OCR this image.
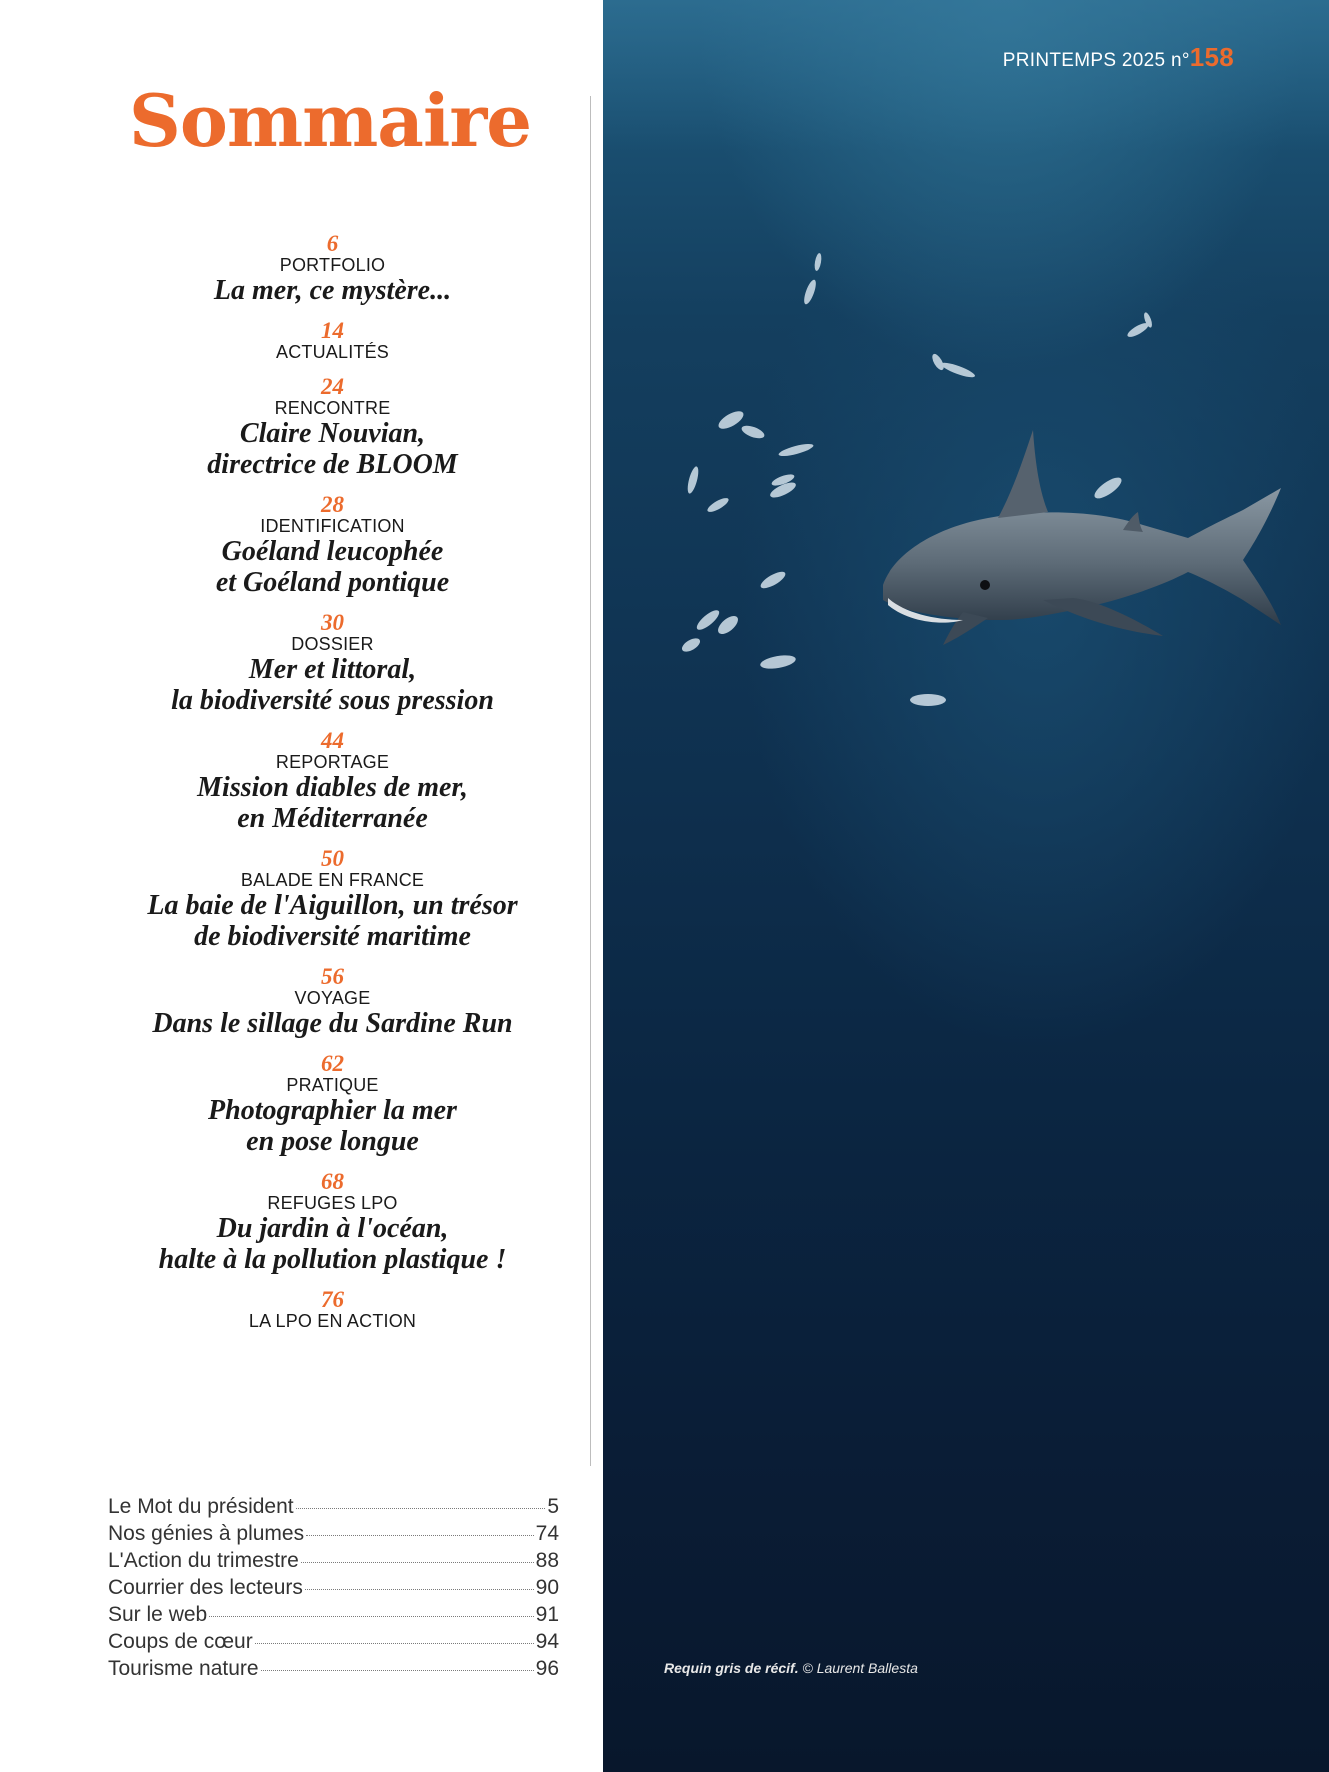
Sommaire
6
PORTFOLIO
La mer, ce mystère...
14
ACTUALITÉS
24
RENCONTRE
Claire Nouvian,
directrice de BLOOM
28
IDENTIFICATION
Goéland leucophée
et Goéland pontique
30
DOSSIER
Mer et littoral,
la biodiversité sous pression
44
REPORTAGE
Mission diables de mer,
en Méditerranée
50
BALADE EN FRANCE
La baie de l'Aiguillon, un trésor
de biodiversité maritime
56
VOYAGE
Dans le sillage du Sardine Run
62
PRATIQUE
Photographier la mer
en pose longue
68
REFUGES LPO
Du jardin à l'océan,
halte à la pollution plastique !
76
LA LPO EN ACTION
Le Mot du président	5
Nos génies à plumes	74
L'Action du trimestre	88
Courrier des lecteurs	90
Sur le web	91
Coups de cœur	94
Tourisme nature	96
PRINTEMPS 2025 n°158
Requin gris de récif. © Laurent Ballesta
